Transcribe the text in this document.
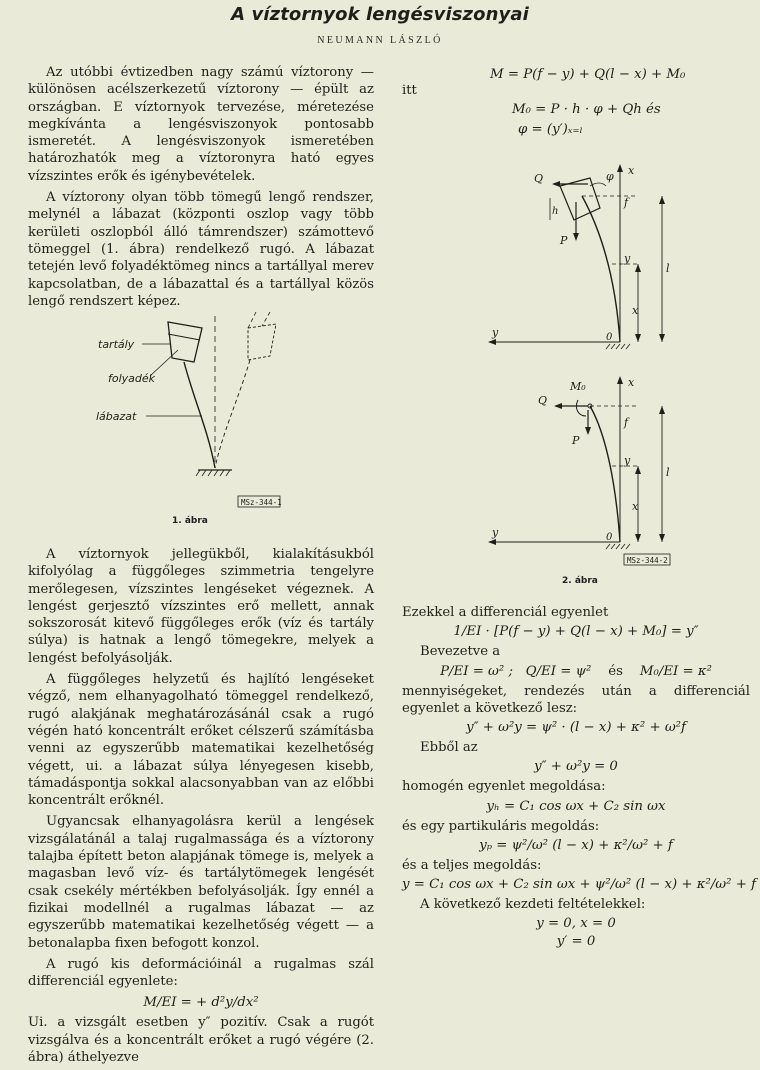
A víztornyok lengésviszonyai
NEUMANN LÁSZLÓ

Az utóbbi évtizedben nagy számú víztorony — különösen acélszerkezetű víztorony — épült az országban. E víztornyok tervezése, méretezése megkívánta a lengésviszonyok pontosabb ismeretét. A lengésviszonyok ismeretében határozhatók meg a víztoronyra ható egyes vízszintes erők és igénybevételek.

A víztorony olyan több tömegű lengő rendszer, melynél a lábazat (központi oszlop vagy több kerületi oszlopból álló támrendszer) számottevő tömeggel (1. ábra) rendelkező rugó. A lábazat tetején levő folyadéktömeg nincs a tartállyal merev kapcsolatban, de a lábazattal és a tartállyal közös lengő rendszert képez.

tartály
folyadék
lábazat
MSz-344-1
1. ábra

A víztornyok jellegükből, kialakításukból kifolyólag a függőleges szimmetria tengelyre merőlegesen, vízszintes lengéseket végeznek. A lengést gerjesztő vízszintes erő mellett, annak sokszorosát kitevő függőleges erők (víz és tartály súlya) is hatnak a lengő tömegekre, melyek a lengést befolyásolják.

A függőleges helyzetű és hajlító lengéseket végző, nem elhanyagolható tömeggel rendelkező, rugó alakjának meghatározásánál csak a rugó végén ható koncentrált erőket célszerű számításba venni az egyszerűbb matematikai kezelhetőség végett, ui. a lábazat súlya lényegesen kisebb, támadáspontja sokkal alacsonyabban van az előbbi koncentrált erőknél.

Ugyancsak elhanyagolásra kerül a lengések vizsgálatánál a talaj rugalmassága és a víztorony talajba épített beton alapjának tömege is, melyek a magasban levő víz- és tartálytömegek lengését csak csekély mértékben befolyásolják. Így ennél a fizikai modellnél a rugalmas lábazat — az egyszerűbb matematikai kezelhetőség végett — a betonalapba fixen befogott konzol.

A rugó kis deformációinál a rugalmas szál differenciál egyenlete:

M/EI = + d²y/dx²

Ui. a vizsgált esetben y″ pozitív. Csak a rugót vizsgálva és a koncentrált erőket a rugó végére (2. ábra) áthelyezve

M = P(f − y) + Q(l − x) + M₀
itt
M₀ = P · h · φ + Qh és
φ = (y′)ₓ₌ₗ
x
y	0
Q
P
h
φ
f
y
l
x
x
y	0
M₀
Q
P
f
y
l
x
MSz-344-2
2. ábra
Ezekkel a differenciál egyenlet
1/EI · [P(f − y) + Q(l − x) + M₀] = y″
Bevezetve a
P/EI = ω² ; Q/EI = ψ² és M₀/EI = κ²
mennyiségeket, rendezés után a differenciál egyenlet a következő lesz:
y″ + ω²y = ψ² · (l − x) + κ² + ω²f
Ebből az
y″ + ω²y = 0
homogén egyenlet megoldása:
yₕ = C₁ cos ωx + C₂ sin ωx
és egy partikuláris megoldás:
yₚ = ψ²/ω² (l − x) + κ²/ω² + f
és a teljes megoldás:
y = C₁ cos ωx + C₂ sin ωx + ψ²/ω² (l − x) + κ²/ω² + f
A következő kezdeti feltételekkel:
y = 0, x = 0
y′ = 0
